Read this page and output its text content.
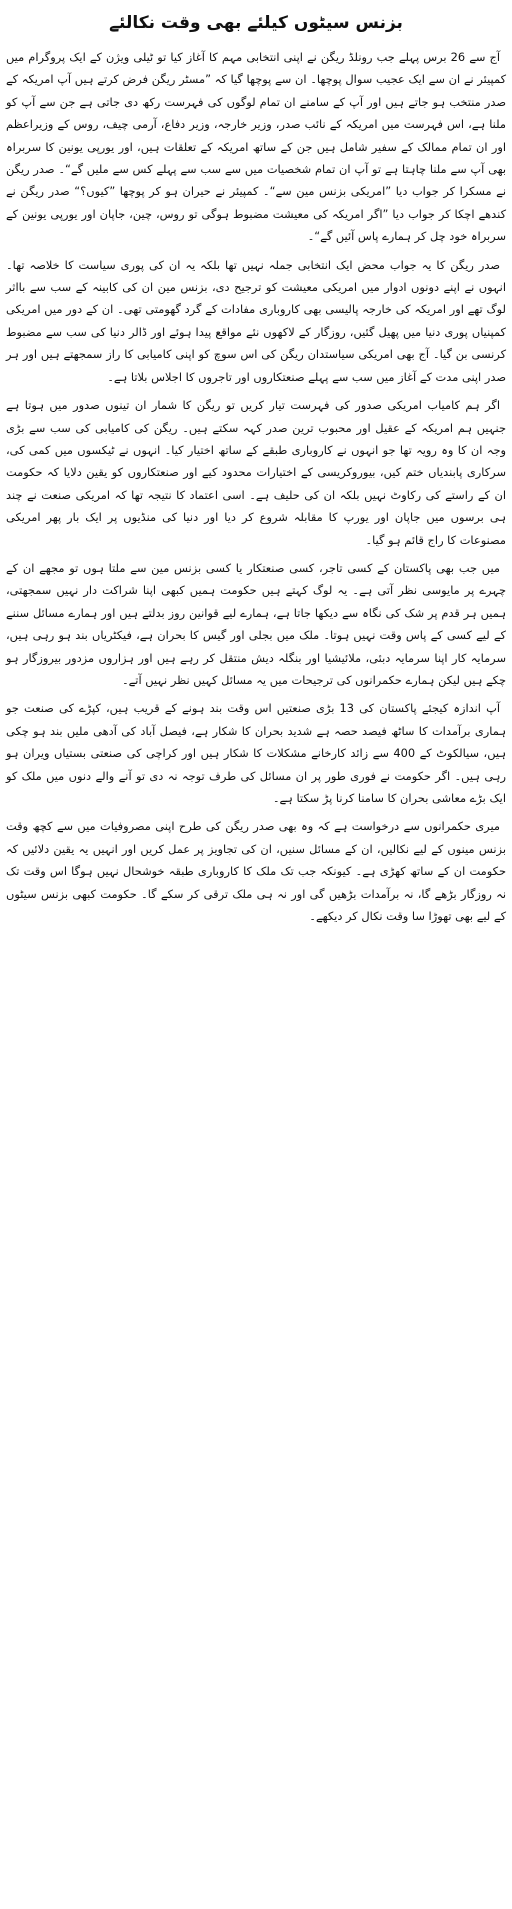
بزنس سیٹوں کیلئے بھی وقت نکالئے

آج سے 26 برس پہلے جب رونلڈ ریگن نے اپنی انتخابی مہم کا آغاز کیا تو ٹیلی ویژن کے ایک پروگرام میں کمپیئر نے ان سے ایک عجیب سوال پوچھا۔ ان سے پوچھا گیا کہ ”مسٹر ریگن فرض کرتے ہیں آپ امریکہ کے صدر منتخب ہو جاتے ہیں اور آپ کے سامنے ان تمام لوگوں کی فہرست رکھ دی جاتی ہے جن سے آپ کو ملنا ہے، اس فہرست میں امریکہ کے نائب صدر، وزیر خارجہ، وزیر دفاع، آرمی چیف، روس کے وزیراعظم اور ان تمام ممالک کے سفیر شامل ہیں جن کے ساتھ امریکہ کے تعلقات ہیں، اور یورپی یونین کا سربراہ بھی آپ سے ملنا چاہتا ہے تو آپ ان تمام شخصیات میں سے سب سے پہلے کس سے ملیں گے“۔ صدر ریگن نے مسکرا کر جواب دیا ”امریکی بزنس مین سے“۔ کمپیئر نے حیران ہو کر پوچھا ”کیوں؟“ صدر ریگن نے کندھے اچکا کر جواب دیا ”اگر امریکہ کی معیشت مضبوط ہوگی تو روس، چین، جاپان اور یورپی یونین کے سربراہ خود چل کر ہمارے پاس آئیں گے“۔

صدر ریگن کا یہ جواب محض ایک انتخابی جملہ نہیں تھا بلکہ یہ ان کی پوری سیاست کا خلاصہ تھا۔ انہوں نے اپنے دونوں ادوار میں امریکی معیشت کو ترجیح دی، بزنس مین ان کی کابینہ کے سب سے بااثر لوگ تھے اور امریکہ کی خارجہ پالیسی بھی کاروباری مفادات کے گرد گھومتی تھی۔ ان کے دور میں امریکی کمپنیاں پوری دنیا میں پھیل گئیں، روزگار کے لاکھوں نئے مواقع پیدا ہوئے اور ڈالر دنیا کی سب سے مضبوط کرنسی بن گیا۔ آج بھی امریکی سیاستدان ریگن کی اس سوچ کو اپنی کامیابی کا راز سمجھتے ہیں اور ہر صدر اپنی مدت کے آغاز میں سب سے پہلے صنعتکاروں اور تاجروں کا اجلاس بلاتا ہے۔

اگر ہم کامیاب امریکی صدور کی فہرست تیار کریں تو ریگن کا شمار ان تینوں صدور میں ہوتا ہے جنہیں ہم امریکہ کے عقیل اور محبوب ترین صدر کہہ سکتے ہیں۔ ریگن کی کامیابی کی سب سے بڑی وجہ ان کا وہ رویہ تھا جو انہوں نے کاروباری طبقے کے ساتھ اختیار کیا۔ انہوں نے ٹیکسوں میں کمی کی، سرکاری پابندیاں ختم کیں، بیوروکریسی کے اختیارات محدود کیے اور صنعتکاروں کو یقین دلایا کہ حکومت ان کے راستے کی رکاوٹ نہیں بلکہ ان کی حلیف ہے۔ اسی اعتماد کا نتیجہ تھا کہ امریکی صنعت نے چند ہی برسوں میں جاپان اور یورپ کا مقابلہ شروع کر دیا اور دنیا کی منڈیوں پر ایک بار پھر امریکی مصنوعات کا راج قائم ہو گیا۔

میں جب بھی پاکستان کے کسی تاجر، کسی صنعتکار یا کسی بزنس مین سے ملتا ہوں تو مجھے ان کے چہرے پر مایوسی نظر آتی ہے۔ یہ لوگ کہتے ہیں حکومت ہمیں کبھی اپنا شراکت دار نہیں سمجھتی، ہمیں ہر قدم پر شک کی نگاہ سے دیکھا جاتا ہے، ہمارے لیے قوانین روز بدلتے ہیں اور ہمارے مسائل سننے کے لیے کسی کے پاس وقت نہیں ہوتا۔ ملک میں بجلی اور گیس کا بحران ہے، فیکٹریاں بند ہو رہی ہیں، سرمایہ کار اپنا سرمایہ دبئی، ملائیشیا اور بنگلہ دیش منتقل کر رہے ہیں اور ہزاروں مزدور بیروزگار ہو چکے ہیں لیکن ہمارے حکمرانوں کی ترجیحات میں یہ مسائل کہیں نظر نہیں آتے۔

آپ اندازہ کیجئے پاکستان کی 13 بڑی صنعتیں اس وقت بند ہونے کے قریب ہیں، کپڑے کی صنعت جو ہماری برآمدات کا ساٹھ فیصد حصہ ہے شدید بحران کا شکار ہے، فیصل آباد کی آدھی ملیں بند ہو چکی ہیں، سیالکوٹ کے 400 سے زائد کارخانے مشکلات کا شکار ہیں اور کراچی کی صنعتی بستیاں ویران ہو رہی ہیں۔ اگر حکومت نے فوری طور پر ان مسائل کی طرف توجہ نہ دی تو آنے والے دنوں میں ملک کو ایک بڑے معاشی بحران کا سامنا کرنا پڑ سکتا ہے۔

میری حکمرانوں سے درخواست ہے کہ وہ بھی صدر ریگن کی طرح اپنی مصروفیات میں سے کچھ وقت بزنس مینوں کے لیے نکالیں، ان کے مسائل سنیں، ان کی تجاویز پر عمل کریں اور انہیں یہ یقین دلائیں کہ حکومت ان کے ساتھ کھڑی ہے۔ کیونکہ جب تک ملک کا کاروباری طبقہ خوشحال نہیں ہوگا اس وقت تک نہ روزگار بڑھے گا، نہ برآمدات بڑھیں گی اور نہ ہی ملک ترقی کر سکے گا۔ حکومت کبھی بزنس سیٹوں کے لیے بھی تھوڑا سا وقت نکال کر دیکھے۔
